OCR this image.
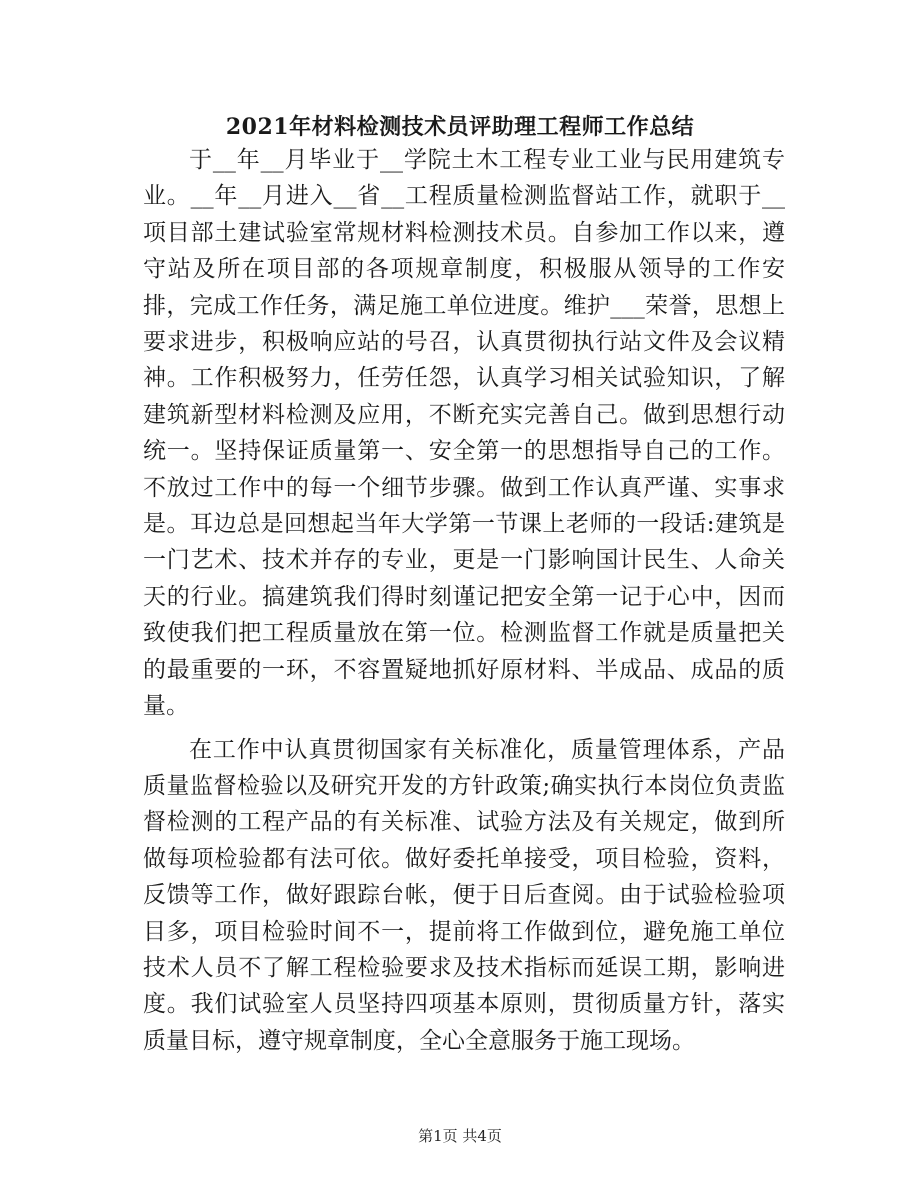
2021年材料检测技术员评助理工程师工作总结

于__年__月毕业于__学院土木工程专业工业与民用建筑专业。__年__月进入__省__工程质量检测监督站工作，就职于__项目部土建试验室常规材料检测技术员。自参加工作以来，遵守站及所在项目部的各项规章制度，积极服从领导的工作安排，完成工作任务，满足施工单位进度。维护___荣誉，思想上要求进步，积极响应站的号召，认真贯彻执行站文件及会议精神。工作积极努力，任劳任怨，认真学习相关试验知识，了解建筑新型材料检测及应用，不断充实完善自己。做到思想行动统一。坚持保证质量第一、安全第一的思想指导自己的工作。不放过工作中的每一个细节步骤。做到工作认真严谨、实事求是。耳边总是回想起当年大学第一节课上老师的一段话:建筑是一门艺术、技术并存的专业，更是一门影响国计民生、人命关天的行业。搞建筑我们得时刻谨记把安全第一记于心中，因而致使我们把工程质量放在第一位。检测监督工作就是质量把关的最重要的一环，不容置疑地抓好原材料、半成品、成品的质量。

在工作中认真贯彻国家有关标准化，质量管理体系，产品质量监督检验以及研究开发的方针政策;确实执行本岗位负责监督检测的工程产品的有关标准、试验方法及有关规定，做到所做每项检验都有法可依。做好委托单接受，项目检验，资料，反馈等工作，做好跟踪台帐，便于日后查阅。由于试验检验项目多，项目检验时间不一，提前将工作做到位，避免施工单位技术人员不了解工程检验要求及技术指标而延误工期，影响进度。我们试验室人员坚持四项基本原则，贯彻质量方针，落实质量目标，遵守规章制度，全心全意服务于施工现场。

第1页 共4页
